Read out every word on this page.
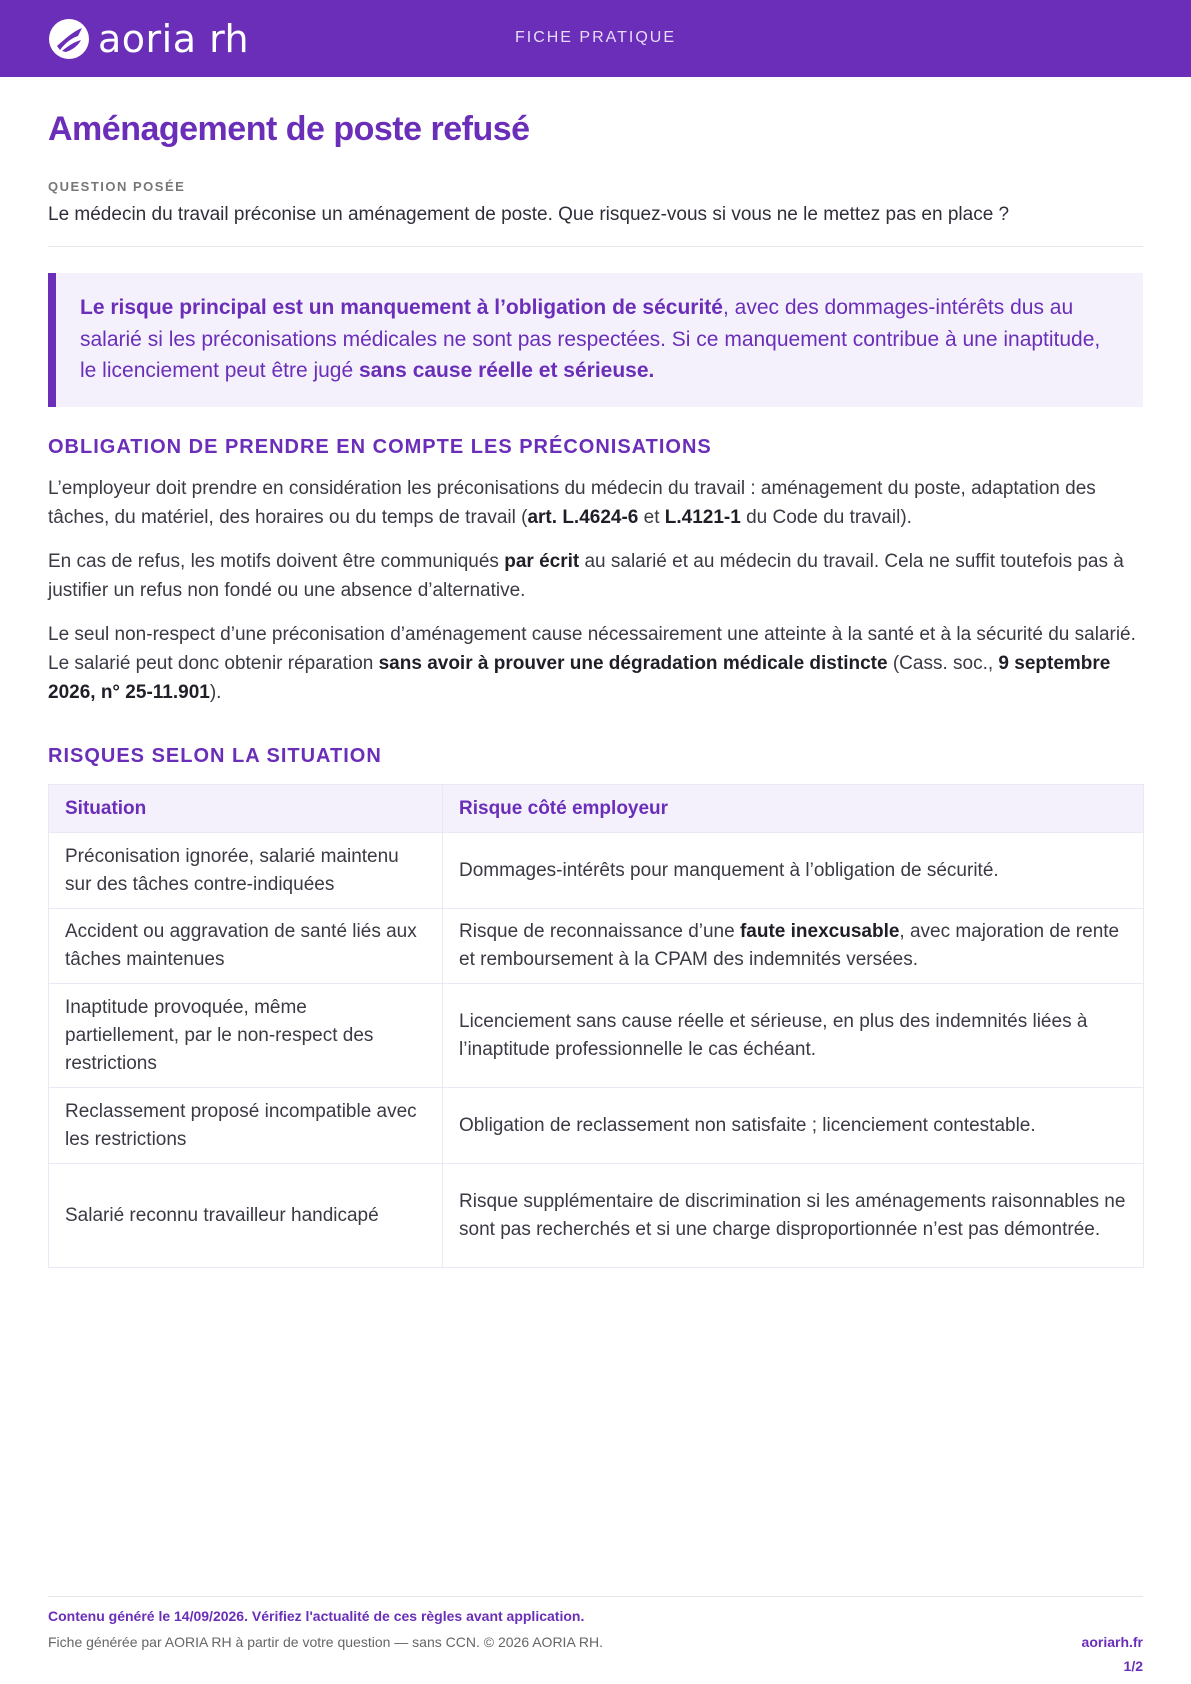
aoria rh	FICHE PRATIQUE
Aménagement de poste refusé
QUESTION POSÉE
Le médecin du travail préconise un aménagement de poste. Que risquez-vous si vous ne le mettez pas en place ?

Le risque principal est un manquement à l’obligation de sécurité, avec des dommages-intérêts dus au salarié si les préconisations médicales ne sont pas respectées. Si ce manquement contribue à une inaptitude, le licenciement peut être jugé sans cause réelle et sérieuse.

OBLIGATION DE PRENDRE EN COMPTE LES PRÉCONISATIONS

L’employeur doit prendre en considération les préconisations du médecin du travail : aménagement du poste, adaptation des tâches, du matériel, des horaires ou du temps de travail (art. L.4624-6 et L.4121-1 du Code du travail).

En cas de refus, les motifs doivent être communiqués par écrit au salarié et au médecin du travail. Cela ne suffit toutefois pas à justifier un refus non fondé ou une absence d’alternative.

Le seul non-respect d’une préconisation d’aménagement cause nécessairement une atteinte à la santé et à la sécurité du salarié. Le salarié peut donc obtenir réparation sans avoir à prouver une dégradation médicale distincte (Cass. soc., 9 septembre 2026, n° 25-11.901).

RISQUES SELON LA SITUATION
Situation	Risque côté employeur
Préconisation ignorée, salarié maintenu sur des tâches contre-indiquées	Dommages-intérêts pour manquement à l’obligation de sécurité.
Accident ou aggravation de santé liés aux tâches maintenues	Risque de reconnaissance d’une faute inexcusable, avec majoration de rente et remboursement à la CPAM des indemnités versées.
Inaptitude provoquée, même partiellement, par le non-respect des restrictions	Licenciement sans cause réelle et sérieuse, en plus des indemnités liées à l’inaptitude professionnelle le cas échéant.
Reclassement proposé incompatible avec les restrictions	Obligation de reclassement non satisfaite ; licenciement contestable.
Salarié reconnu travailleur handicapé	Risque supplémentaire de discrimination si les aménagements raisonnables ne sont pas recherchés et si une charge disproportionnée n’est pas démontrée.
Contenu généré le 14/09/2026. Vérifiez l'actualité de ces règles avant application.
Fiche générée par AORIA RH à partir de votre question — sans CCN. © 2026 AORIA RH.	aoriarh.fr
1/2
